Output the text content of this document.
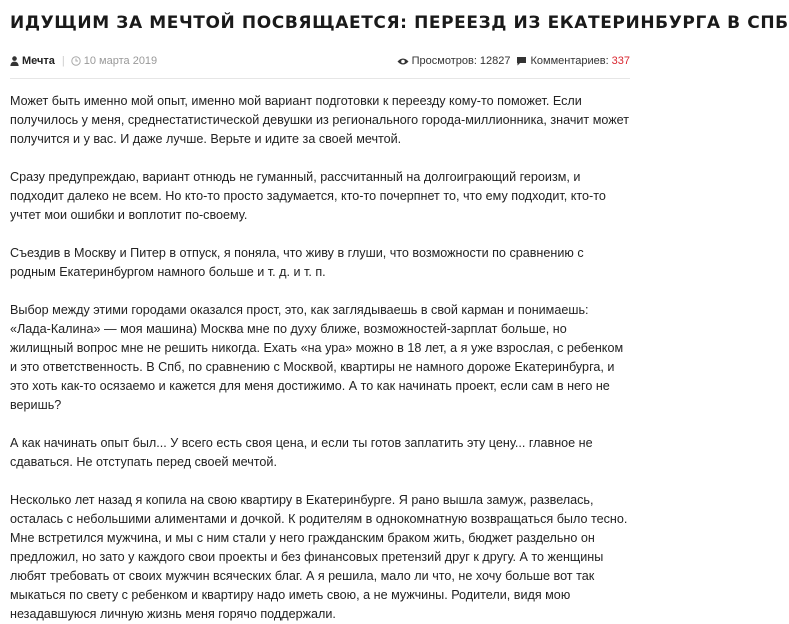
ИДУЩИМ ЗА МЕЧТОЙ ПОСВЯЩАЕТСЯ: ПЕРЕЕЗД ИЗ ЕКАТЕРИНБУРГА В СПБ
Мечта | 10 марта 2019	Просмотров: 12827 Комментариев: 337

Может быть именно мой опыт, именно мой вариант подготовки к переезду кому-то поможет. Если получилось у меня, среднестатистической девушки из регионального города-миллионника, значит может получится и у вас. И даже лучше. Верьте и идите за своей мечтой.

Сразу предупреждаю, вариант отнюдь не гуманный, рассчитанный на долгоиграющий героизм, и подходит далеко не всем. Но кто-то просто задумается, кто-то почерпнет то, что ему подходит, кто-то учтет мои ошибки и воплотит по-своему.

Съездив в Москву и Питер в отпуск, я поняла, что живу в глуши, что возможности по сравнению с родным Екатеринбургом намного больше и т. д. и т. п.

Выбор между этими городами оказался прост, это, как заглядываешь в свой карман и понимаешь: «Лада-Калина» — моя машина) Москва мне по духу ближе, возможностей-зарплат больше, но жилищный вопрос мне не решить никогда. Ехать «на ура» можно в 18 лет, а я уже взрослая, с ребенком и это ответственность. В Спб, по сравнению с Москвой, квартиры не намного дороже Екатеринбурга, и это хоть как-то осязаемо и кажется для меня достижимо. А то как начинать проект, если сам в него не веришь?

А как начинать опыт был... У всего есть своя цена, и если ты готов заплатить эту цену... главное не сдаваться. Не отступать перед своей мечтой.

Несколько лет назад я копила на свою квартиру в Екатеринбурге. Я рано вышла замуж, развелась, осталась с небольшими алиментами и дочкой. К родителям в однокомнатную возвращаться было тесно. Мне встретился мужчина, и мы с ним стали у него гражданским браком жить, бюджет раздельно он предложил, но зато у каждого свои проекты и без финансовых претензий друг к другу. А то женщины любят требовать от своих мужчин всяческих благ. А я решила, мало ли что, не хочу больше вот так мыкаться по свету с ребенком и квартиру надо иметь свою, а не мужчины. Родители, видя мою незадавшуюся личную жизнь меня горячо поддержали.
